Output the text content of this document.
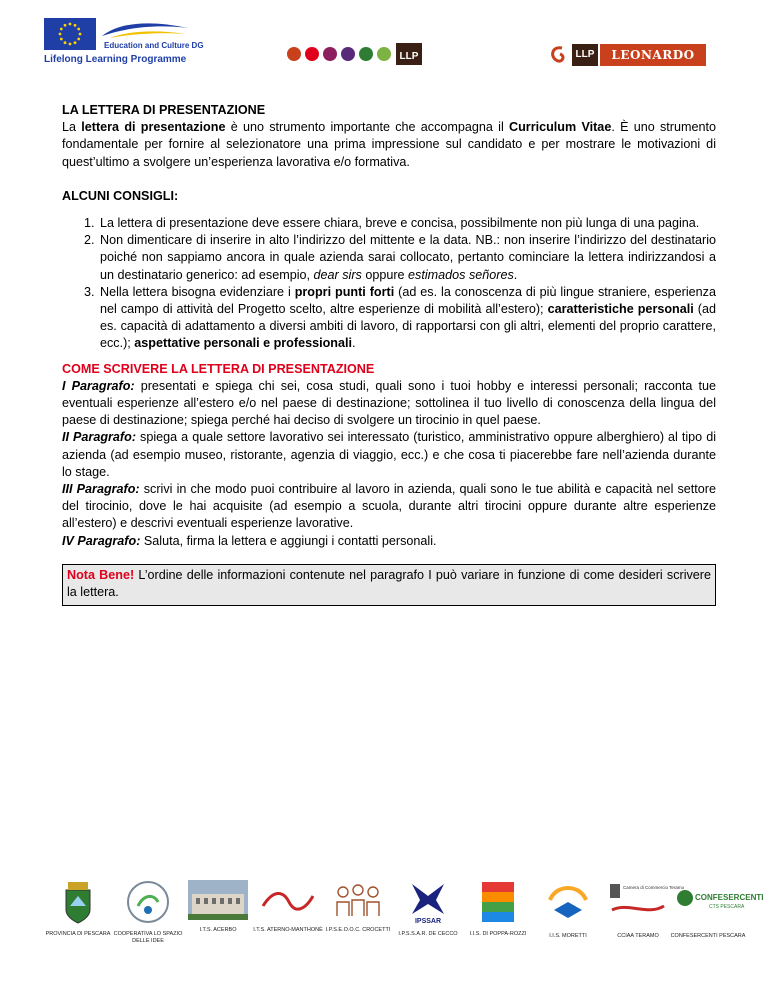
Education and Culture DG
Lifelong Learning Programme	LLP	LLP	LEONARDO

LA LETTERA DI PRESENTAZIONE

La lettera di presentazione è uno strumento importante che accompagna il Curriculum Vitae. È uno strumento fondamentale per fornire al selezionatore una prima impressione sul candidato e per mostrare le motivazioni di quest’ultimo a svolgere un’esperienza lavorativa e/o formativa.

ALCUNI CONSIGLI:

1. La lettera di presentazione deve essere chiara, breve e concisa, possibilmente non più lunga di una pagina.
2. Non dimenticare di inserire in alto l’indirizzo del mittente e la data. NB.: non inserire l’indirizzo del destinatario poiché non sappiamo ancora in quale azienda sarai collocato, pertanto cominciare la lettera indirizzandosi a un destinatario generico: ad esempio, dear sirs oppure estimados señores.
3. Nella lettera bisogna evidenziare i propri punti forti (ad es. la conoscenza di più lingue straniere, esperienza nel campo di attività del Progetto scelto, altre esperienze di mobilità all’estero); caratteristiche personali (ad es. capacità di adattamento a diversi ambiti di lavoro, di rapportarsi con gli altri, elementi del proprio carattere, ecc.); aspettative personali e professionali.

COME SCRIVERE LA LETTERA DI PRESENTAZIONE

I Paragrafo: presentati e spiega chi sei, cosa studi, quali sono i tuoi hobby e interessi personali; racconta tue eventuali esperienze all’estero e/o nel paese di destinazione; sottolinea il tuo livello di conoscenza della lingua del paese di destinazione; spiega perché hai deciso di svolgere un tirocinio in quel paese.

II Paragrafo: spiega a quale settore lavorativo sei interessato (turistico, amministrativo oppure alberghiero) al tipo di azienda (ad esempio museo, ristorante, agenzia di viaggio, ecc.) e che cosa ti piacerebbe fare nell’azienda durante lo stage.

III Paragrafo: scrivi in che modo puoi contribuire al lavoro in azienda, quali sono le tue abilità e capacità nel settore del tirocinio, dove le hai acquisite (ad esempio a scuola, durante altri tirocini oppure durante altre esperienze all’estero) e descrivi eventuali esperienze lavorative.

IV Paragrafo: Saluta, firma la lettera e aggiungi i contatti personali.

Nota Bene! L’ordine delle informazioni contenute nel paragrafo I può variare in funzione di come desideri scrivere la lettera.

PROVINCIA DI PESCARA COOPERATIVA LO SPAZIO DELLE IDEE
I.T.S. ACERBO	I.T.S. ATERNO-MANTHONÈ I.P.S.E.O.O.C. CROCETTI
IPSSAR
I.P.S.S.A.R. DE CECCO	I.I.S. DI POPPA-ROZZI	I.I.S. MORETTI
Camera di Commercio Teramo
CCIAA TERAMO
CONFESERCENTI
CTS PESCARA
CONFESERCENTI PESCARA
